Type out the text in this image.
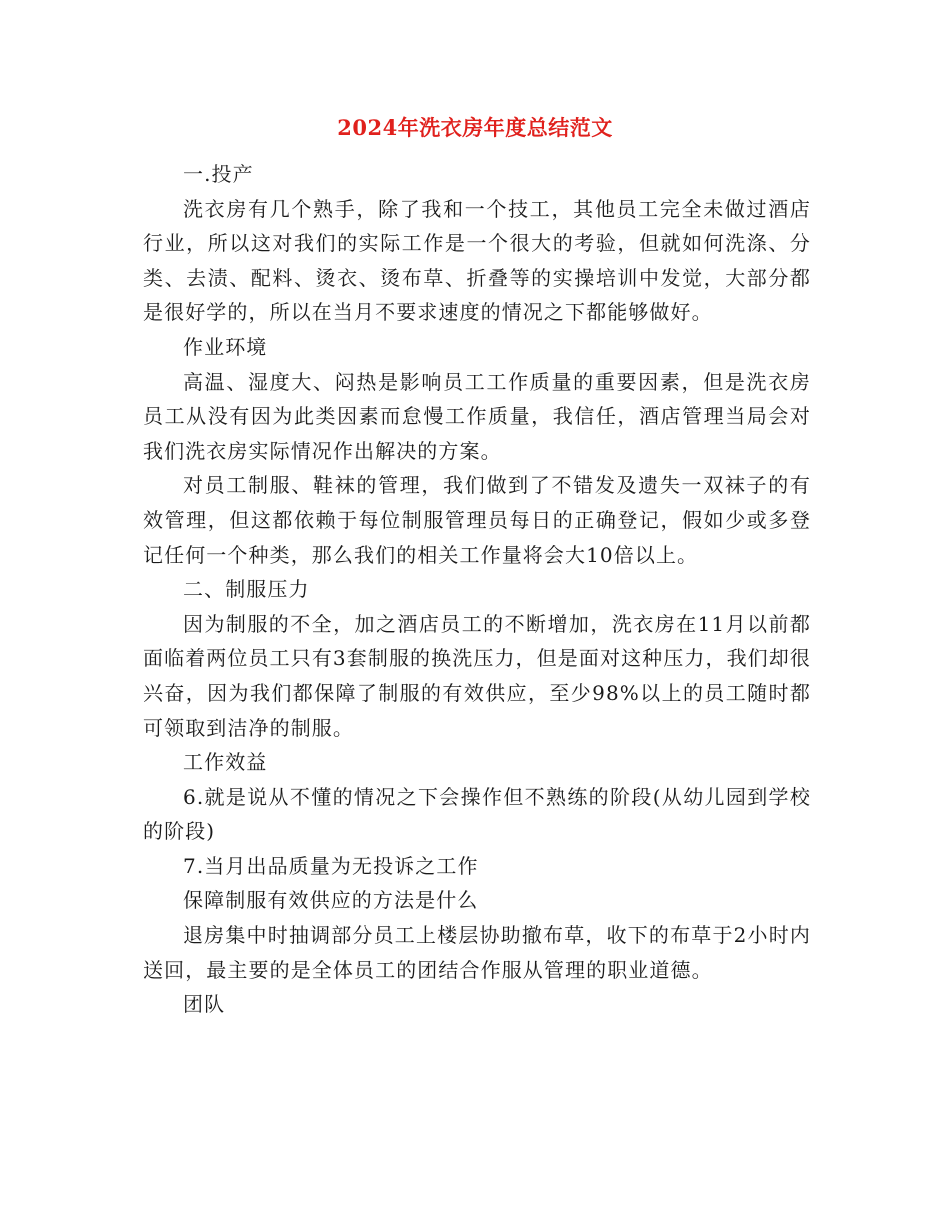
2024年洗衣房年度总结范文

一.投产

洗衣房有几个熟手，除了我和一个技工，其他员工完全未做过酒店行业，所以这对我们的实际工作是一个很大的考验，但就如何洗涤、分类、去渍、配料、烫衣、烫布草、折叠等的实操培训中发觉，大部分都是很好学的，所以在当月不要求速度的情况之下都能够做好。

作业环境

高温、湿度大、闷热是影响员工工作质量的重要因素，但是洗衣房员工从没有因为此类因素而怠慢工作质量，我信任，酒店管理当局会对我们洗衣房实际情况作出解决的方案。

对员工制服、鞋袜的管理，我们做到了不错发及遗失一双袜子的有效管理，但这都依赖于每位制服管理员每日的正确登记，假如少或多登记任何一个种类，那么我们的相关工作量将会大10倍以上。

二、制服压力

因为制服的不全，加之酒店员工的不断增加，洗衣房在11月以前都面临着两位员工只有3套制服的换洗压力，但是面对这种压力，我们却很兴奋，因为我们都保障了制服的有效供应，至少98%以上的员工随时都可领取到洁净的制服。

工作效益

6.就是说从不懂的情况之下会操作但不熟练的阶段(从幼儿园到学校的阶段)

7.当月出品质量为无投诉之工作

保障制服有效供应的方法是什么

退房集中时抽调部分员工上楼层协助撤布草，收下的布草于2小时内送回，最主要的是全体员工的团结合作服从管理的职业道德。

团队
